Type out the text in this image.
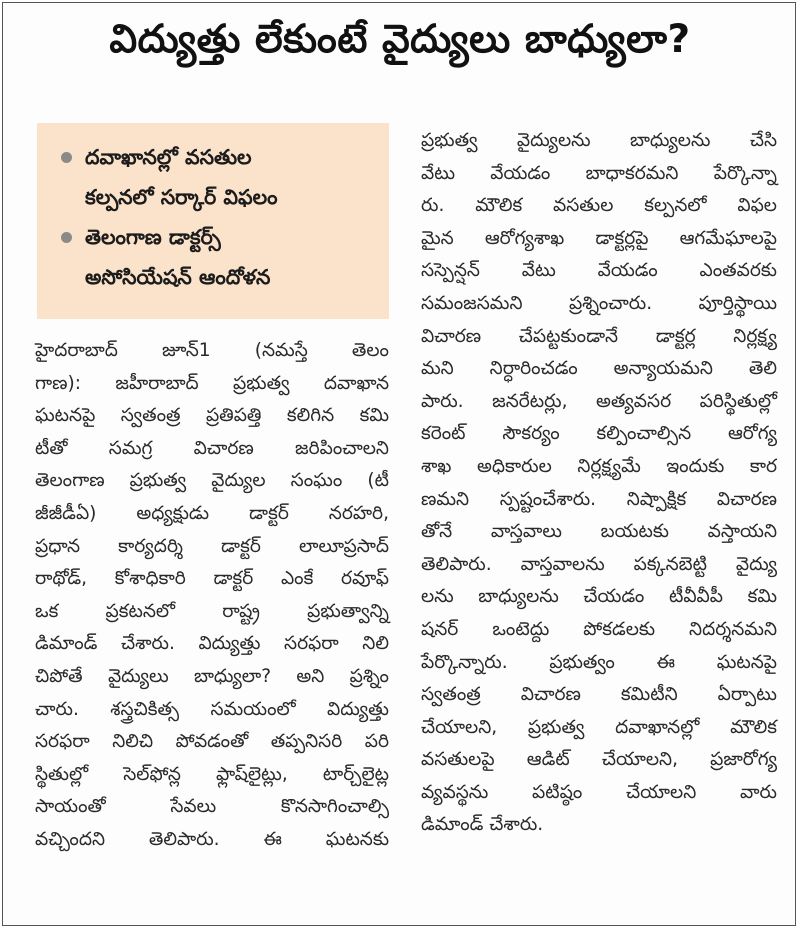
విద్యుత్తు లేకుంటే వైద్యులు బాధ్యులా?
దవాఖానల్లో వసతుల
కల్పనలో సర్కార్ విఫలం
తెలంగాణ డాక్టర్స్
అసోసియేషన్ ఆందోళన
హైదరాబాద్ జూన్1 (నమస్తే తెలం
గాణ): జహీరాబాద్ ప్రభుత్వ దవాఖాన
ఘటనపై స్వతంత్ర ప్రతిపత్తి కలిగిన కమి
టీతో సమగ్ర విచారణ జరిపించాలని
తెలంగాణ ప్రభుత్వ వైద్యుల సంఘం (టీ
జీజీడీఏ) అధ్యక్షుడు డాక్టర్ నరహరి,
ప్రధాన కార్యదర్శి డాక్టర్ లాలూప్రసాద్
రాథోడ్, కోశాధికారి డాక్టర్ ఎంకే రవూఫ్
ఒక ప్రకటనలో రాష్ట్ర ప్రభుత్వాన్ని
డిమాండ్ చేశారు. విద్యుత్తు సరఫరా నిలి
చిపోతే వైద్యులు బాధ్యులా? అని ప్రశ్నిం
చారు. శస్త్రచికిత్స సమయంలో విద్యుత్తు
సరఫరా నిలిచి పోవడంతో తప్పనిసరి పరి
స్థితుల్లో సెల్‌ఫోన్ల ఫ్లాష్‌లైట్లు, టార్చ్‌లైట్ల
సాయంతో సేవలు కొనసాగించాల్సి
వచ్చిందని తెలిపారు. ఈ ఘటనకు
ప్రభుత్వ వైద్యులను బాధ్యులను చేసి
వేటు వేయడం బాధాకరమని పేర్కొన్నా
రు. మౌలిక వసతుల కల్పనలో విఫల
మైన ఆరోగ్యశాఖ డాక్టర్లపై ఆగమేఘాలపై
సస్పెన్షన్ వేటు వేయడం ఎంతవరకు
సమంజసమని ప్రశ్నించారు. పూర్తిస్థాయి
విచారణ చేపట్టకుండానే డాక్టర్ల నిర్లక్ష్య
మని నిర్ధారించడం అన్యాయమని తెలి
పారు. జనరేటర్లు, అత్యవసర పరిస్థితుల్లో
కరెంట్ సౌకర్యం కల్పించాల్సిన ఆరోగ్య
శాఖ అధికారుల నిర్లక్ష్యమే ఇందుకు కార
ణమని స్పష్టంచేశారు. నిష్పాక్షిక విచారణ
తోనే వాస్తవాలు బయటకు వస్తాయని
తెలిపారు. వాస్తవాలను పక్కనబెట్టి వైద్యు
లను బాధ్యులను చేయడం టీవీవీపీ కమి
షనర్ ఒంటెద్దు పోకడలకు నిదర్శనమని
పేర్కొన్నారు. ప్రభుత్వం ఈ ఘటనపై
స్వతంత్ర విచారణ కమిటీని ఏర్పాటు
చేయాలని, ప్రభుత్వ దవాఖానల్లో మౌలిక
వసతులపై ఆడిట్ చేయాలని, ప్రజారోగ్య
వ్యవస్థను పటిష్ఠం చేయాలని వారు
డిమాండ్ చేశారు.
